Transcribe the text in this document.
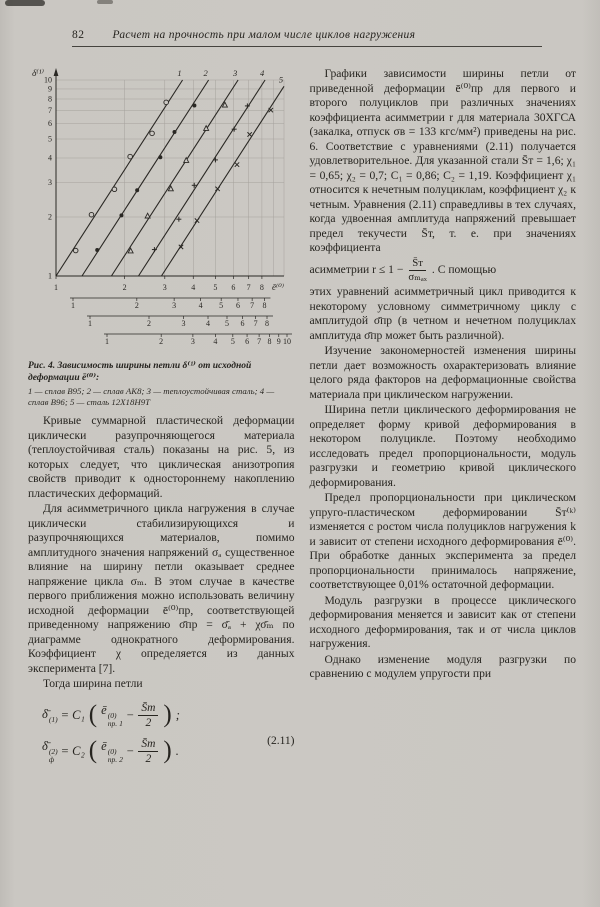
82 Расчет на прочность при малом числе циклов нагружения
1
2
3
4
5
6
7
8
9
10
1	2	3	4
5
1	2	3	4 5 6 7 8
1	2	3	4 5 6 7 8
1	2	3	4 5 6 7 8
1	2	3 4 5 6 7 8 9 10
ē⁽⁰⁾
δ⁽¹⁾
Рис. 4. Зависимость ширины петли δ⁽¹⁾ от исходной деформации ē⁽⁰⁾:
1 — сплав В95; 2 — сплав АК8; 3 — теплоустойчивая сталь; 4 — сплав В96; 5 — сталь 12Х18Н9Т

Кривые суммарной пластической деформации циклически разупрочняющегося материала (теплоустойчивая сталь) показаны на рис. 5, из которых следует, что циклическая анизотропия свойств приводит к одностороннему накоплению пластических деформаций.

Для асимметричного цикла нагружения в случае циклически стабилизирующихся и разупрочняющихся материалов, помимо амплитудного значения напряжений σₐ существенное влияние на ширину петли оказывает среднее напряжение цикла σₘ. В этом случае в качестве первого приближения можно использовать величину исходной деформации ē⁽⁰⁾пр, соответствующей приведенному напряжению σ̄пр = σ̄ₐ + χσ̄ₘ по диаграмме однократного деформирования. Коэффициент χ определяется из данных эксперимента [7].

Тогда ширина петли

δ̄ (1) = C₁ ( ē (0)
пр. 1
− $\frac{S̄т}{2}$ ) ;
δ̄ (2)
ф
= C₂ ( ē (0)
пр. 2
− $\frac{S̄т}{2}$ ) .
(2.11)

Графики зависимости ширины петли от приведенной деформации ē⁽⁰⁾пр для первого и второго полуциклов при различных значениях коэффициента асимметрии r для материала 30ХГСА (закалка, отпуск σв = 133 кгс/мм²) приведены на рис. 6. Соответствие с уравнениями (2.11) получается удовлетворительное. Для указанной стали S̄т = 1,6; χ₁ = 0,65; χ₂ = 0,7; C₁ = 0,86; C₂ = 1,19. Коэффициент χ₁ относится к нечетным полуциклам, коэффициент χ₂ к четным. Уравнения (2.11) справедливы в тех случаях, когда удвоенная амплитуда напряжений превышает предел текучести S̄т, т. е. при значениях коэффициента

асимметрии $r \le 1 - \frac{S̄т}{\text{σₘₐₓ}}$ . С помощью

этих уравнений асимметричный цикл приводится к некоторому условному симметричному циклу с амплитудой σ̄пр (в четном и нечетном полуциклах амплитуда σ̄пр может быть различной).

Изучение закономерностей изменения ширины петли дает возможность охарактеризовать влияние целого ряда факторов на деформационные свойства материала при циклическом нагружении.

Ширина петли циклического деформирования не определяет форму кривой деформирования в некотором полуцикле. Поэтому необходимо исследовать предел пропорциональности, модуль разгрузки и геометрию кривой циклического деформирования.

Предел пропорциональности при циклическом упруго-пластическом деформировании S̄т⁽ᵏ⁾ изменяется с ростом числа полуциклов нагружения k и зависит от степени исходного деформирования ē⁽⁰⁾. При обработке данных эксперимента за предел пропорциональности принималось напряжение, соответствующее 0,01% остаточной деформации.

Модуль разгрузки в процессе циклического деформирования меняется и зависит как от степени исходного деформирования, так и от числа циклов нагружения.

Однако изменение модуля разгрузки по сравнению с модулем упругости при
